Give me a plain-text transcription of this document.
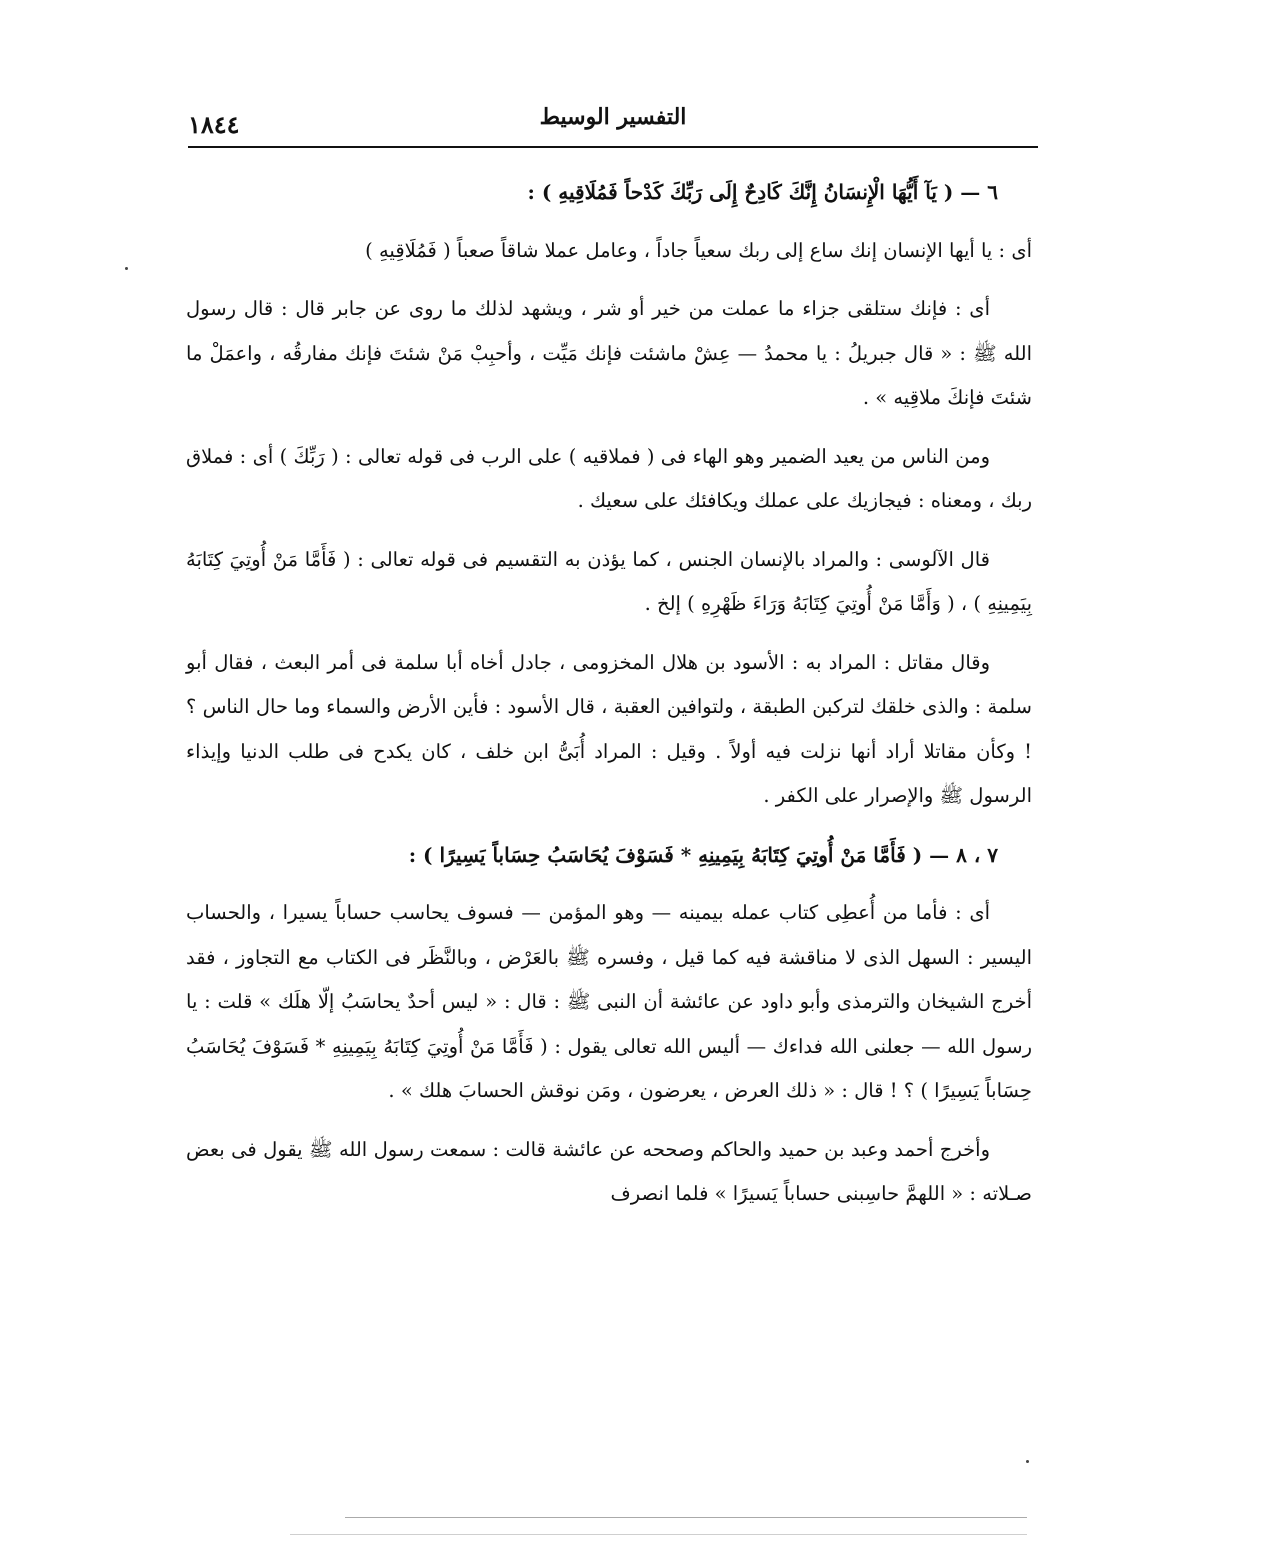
التفسير الوسيط
١٨٤٤

٦ — ( يَآ أَيُّهَا الْإِنسَانُ إِنَّكَ كَادِحٌ إِلَى رَبِّكَ كَدْحاً فَمُلَاقِيهِ ) :

أى : يا أيها الإنسان إنك ساع إلى ربك سعياً جاداً ، وعامل عملا شاقاً صعباً ( فَمُلَاقِيهِ )

أى : فإنك ستلقى جزاء ما عملت من خير أو شر ، ويشهد لذلك ما روى عن جابر قال : قال رسول الله ﷺ : « قال جبريلُ : يا محمدُ — عِشْ ماشئت فإنك مَيِّت ، وأحبِبْ مَنْ شئتَ فإنك مفارقُه ، واعمَلْ ما شئتَ فإنكَ ملاقِيه » .

ومن الناس من يعيد الضمير وهو الهاء فى ( فملاقيه ) على الرب فى قوله تعالى : ( رَبِّكَ ) أى : فملاق ربك ، ومعناه : فيجازيك على عملك ويكافئك على سعيك .

قال الآلوسى : والمراد بالإنسان الجنس ، كما يؤذن به التقسيم فى قوله تعالى : ( فَأَمَّا مَنْ أُوتِيَ كِتَابَهُ بِيَمِينِهِ ) ، ( وَأَمَّا مَنْ أُوتِيَ كِتَابَهُ وَرَاءَ ظَهْرِهِ ) إلخ .

وقال مقاتل : المراد به : الأسود بن هلال المخزومى ، جادل أخاه أبا سلمة فى أمر البعث ، فقال أبو سلمة : والذى خلقك لتركبن الطبقة ، ولتوافين العقبة ، قال الأسود : فأين الأرض والسماء وما حال الناس ؟ ! وكأن مقاتلا أراد أنها نزلت فيه أولاً . وقيل : المراد أُبَىُّ ابن خلف ، كان يكدح فى طلب الدنيا وإيذاء الرسول ﷺ والإصرار على الكفر .

٧ ، ٨ — ( فَأَمَّا مَنْ أُوتِيَ كِتَابَهُ بِيَمِينِهِ * فَسَوْفَ يُحَاسَبُ حِسَاباً يَسِيرًا ) :

أى : فأما من أُعطِى كتاب عمله بيمينه — وهو المؤمن — فسوف يحاسب حساباً يسيرا ، والحساب اليسير : السهل الذى لا مناقشة فيه كما قيل ، وفسره ﷺ بالعَرْض ، وبالنَّظَر فى الكتاب مع التجاوز ، فقد أخرج الشيخان والترمذى وأبو داود عن عائشة أن النبى ﷺ : قال : « ليس أحدٌ يحاسَبُ إلّا هلَك » قلت : يا رسول الله — جعلنى الله فداءك — أليس الله تعالى يقول : ( فَأَمَّا مَنْ أُوتِيَ كِتَابَهُ بِيَمِينِهِ * فَسَوْفَ يُحَاسَبُ حِسَاباً يَسِيرًا ) ؟ ! قال : « ذلك العرض ، يعرضون ، ومَن نوقش الحسابَ هلك » .

وأخرج أحمد وعبد بن حميد والحاكم وصححه عن عائشة قالت : سمعت رسول الله ﷺ يقول فى بعض صـلاته : « اللهمَّ حاسِبنى حساباً يَسيرًا » فلما انصرف
